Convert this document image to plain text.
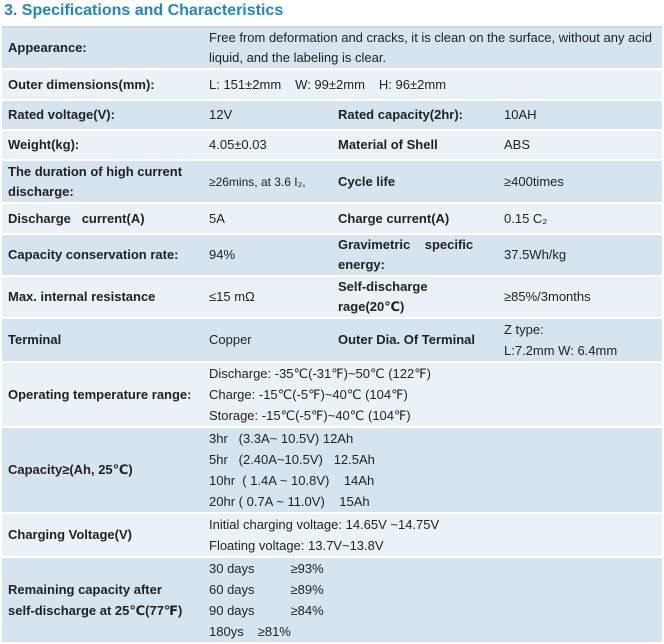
3. Specifications and Characteristics
Appearance:	Free from deformation and cracks, it is clean on the surface, without any acid liquid, and the labeling is clear.		
Outer dimensions(mm):	L: 151±2mm W: 99±2mm H: 96±2mm		
Rated voltage(V):	12V	Rated capacity(2hr):	10AH
Weight(kg):	4.05±0.03	Material of Shell	ABS
The duration of high current discharge:	≥26mins, at 3.6 I₂,	Cycle life	≥400times
Discharge   current(A)	5A	Charge current(A)	0.15 C₂
Capacity conservation rate:	94%	Gravimetric    specific energy:	37.5Wh/kg
Max. internal resistance	≤15 mΩ	Self-discharge rage(20℃)	≥85%/3months
Terminal	Copper	Outer Dia. Of Terminal	Z type:
L:7.2mm W: 6.4mm

Operating temperature range:	Discharge: -35℃(-31℉)~50℃ (122℉)
Charge: -15℃(-5℉)~40℃ (104℉)
Storage: -15℃(-5℉)~40℃ (104℉)		

Capacity≥(Ah, 25℃)	3hr (3.3A~ 10.5V) 12Ah
5hr (2.40A~10.5V) 12.5Ah
10hr ( 1.4A ~ 10.8V) 14Ah
20hr ( 0.7A ~ 11.0V) 15Ah		

Charging Voltage(V)	Initial charging voltage: 14.65V ~14.75V
Floating voltage: 13.7V~13.8V		

Remaining capacity after
self-discharge at 25℃(77℉)	30 days ≥93%
60 days ≥89%
90 days ≥84%
180ys ≥81%		
